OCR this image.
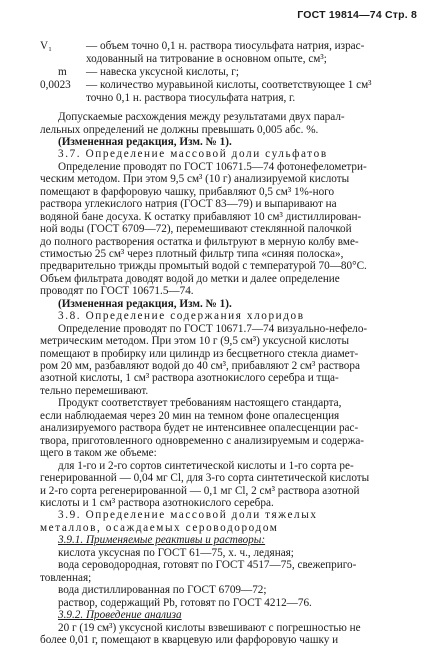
ГОСТ 19814—74 Стр. 8
V₁	— объем точно 0,1 н. раствора тиосульфата натрия, израс-
ходованный на титрование в основном опыте, см³;
m — навеска уксусной кислоты, г;
0,0023 — количество муравьиной кислоты, соответствующее 1 см³
точно 0,1 н. раствора тиосульфата натрия, г.
Допускаемые расхождения между результатами двух парал-
лельных определений не должны превышать 0,005 абс. %.
(Измененная редакция, Изм. № 1).
3.7. Определение массовой доли сульфатов
Определение проводят по ГОСТ 10671.5—74 фотонефелометри-
ческим методом. При этом 9,5 см³ (10 г) анализируемой кислоты
помещают в фарфоровую чашку, прибавляют 0,5 см³ 1%-ного
раствора углекислого натрия (ГОСТ 83—79) и выпаривают на
водяной бане досуха. К остатку прибавляют 10 см³ дистиллирован-
ной воды (ГОСТ 6709—72), перемешивают стеклянной палочкой
до полного растворения остатка и фильтруют в мерную колбу вме-
стимостью 25 см³ через плотный фильтр типа «синяя полоска»,
предварительно трижды промытый водой с температурой 70—80°С.
Объем фильтрата доводят водой до метки и далее определение
проводят по ГОСТ 10671.5—74.
(Измененная редакция, Изм. № 1).
3.8. Определение содержания хлоридов
Определение проводят по ГОСТ 10671.7—74 визуально-нефело-
метрическим методом. При этом 10 г (9,5 см³) уксусной кислоты
помещают в пробирку или цилиндр из бесцветного стекла диамет-
ром 20 мм, разбавляют водой до 40 см³, прибавляют 2 см³ раствора
азотной кислоты, 1 см³ раствора азотнокислого серебра и тща-
тельно перемешивают.
Продукт соответствует требованиям настоящего стандарта,
если наблюдаемая через 20 мин на темном фоне опалесценция
анализируемого раствора будет не интенсивнее опалесценции рас-
твора, приготовленного одновременно с анализируемым и содержа-
щего в таком же объеме:
для 1-го и 2-го сортов синтетической кислоты и 1-го сорта ре-
генерированной — 0,04 мг Cl, для 3-го сорта синтетической кислоты
и 2-го сорта регенерированной — 0,1 мг Cl, 2 см³ раствора азотной
кислоты и 1 см³ раствора азотнокислого серебра.
3.9. Определение массовой доли тяжелых
металлов, осаждаемых сероводородом
3.9.1. Применяемые реактивы и растворы:
кислота уксусная по ГОСТ 61—75, х. ч., ледяная;
вода сероводородная, готовят по ГОСТ 4517—75, свежеприго-
товленная;
вода дистиллированная по ГОСТ 6709—72;
раствор, содержащий Pb, готовят по ГОСТ 4212—76.
3.9.2. Проведение анализа
20 г (19 см³) уксусной кислоты взвешивают с погрешностью не
более 0,01 г, помещают в кварцевую или фарфоровую чашку и
